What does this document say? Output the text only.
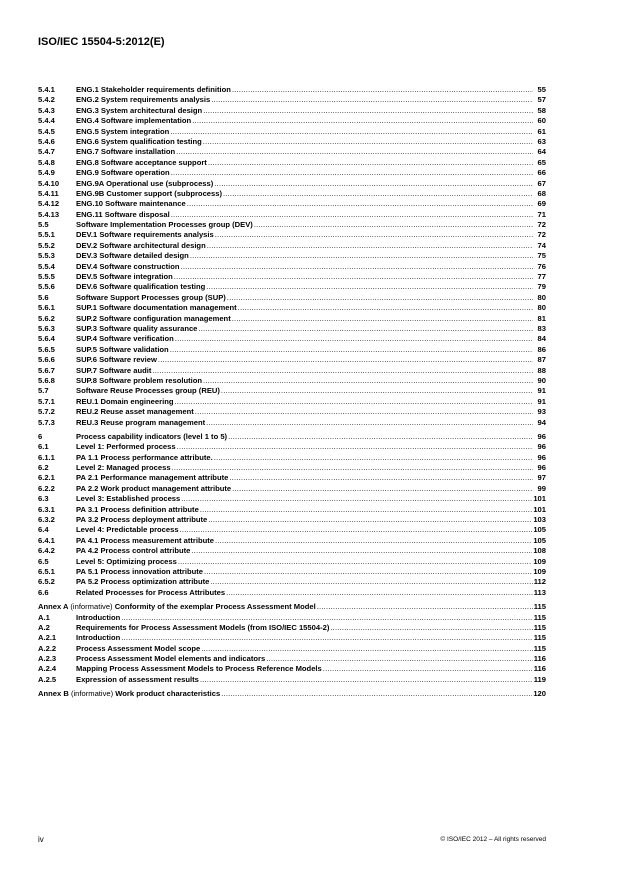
ISO/IEC 15504-5:2012(E)
5.4.1	ENG.1 Stakeholder requirements definition .....	55
5.4.2	ENG.2 System requirements analysis .....	57
5.4.3	ENG.3 System architectural design .....	58
5.4.4	ENG.4 Software implementation .....	60
5.4.5	ENG.5 System integration .....	61
5.4.6	ENG.6 System qualification testing .....	63
5.4.7	ENG.7 Software installation .....	64
5.4.8	ENG.8 Software acceptance support .....	65
5.4.9	ENG.9 Software operation .....	66
5.4.10	ENG.9A Operational use (subprocess) .....	67
5.4.11	ENG.9B Customer support (subprocess) .....	68
5.4.12	ENG.10 Software maintenance .....	69
5.4.13	ENG.11 Software disposal .....	71
5.5	Software Implementation Processes group (DEV) .....	72
5.5.1	DEV.1 Software requirements analysis .....	72
5.5.2	DEV.2 Software architectural design .....	74
5.5.3	DEV.3 Software detailed design .....	75
5.5.4	DEV.4 Software construction .....	76
5.5.5	DEV.5 Software integration .....	77
5.5.6	DEV.6 Software qualification testing .....	79
5.6	Software Support Processes group (SUP) .....	80
5.6.1	SUP.1 Software documentation management .....	80
5.6.2	SUP.2 Software configuration management .....	81
5.6.3	SUP.3 Software quality assurance .....	83
5.6.4	SUP.4 Software verification .....	84
5.6.5	SUP.5 Software validation .....	86
5.6.6	SUP.6 Software review .....	87
5.6.7	SUP.7 Software audit .....	88
5.6.8	SUP.8 Software problem resolution .....	90
5.7	Software Reuse Processes group (REU) .....	91
5.7.1	REU.1 Domain engineering .....	91
5.7.2	REU.2 Reuse asset management .....	93
5.7.3	REU.3 Reuse program management .....	94
6	Process capability indicators (level 1 to 5) .....	96
6.1	Level 1: Performed process .....	96
6.1.1	PA 1.1 Process performance attribute. .....	96
6.2	Level 2: Managed process .....	96
6.2.1	PA 2.1 Performance management attribute .....	97
6.2.2	PA 2.2 Work product management attribute .....	99
6.3	Level 3: Established process .....	101
6.3.1	PA 3.1 Process definition attribute .....	101
6.3.2	PA 3.2 Process deployment attribute .....	103
6.4	Level 4: Predictable process .....	105
6.4.1	PA 4.1 Process measurement attribute .....	105
6.4.2	PA 4.2 Process control attribute .....	108
6.5	Level 5: Optimizing process .....	109
6.5.1	PA 5.1 Process innovation attribute .....	109
6.5.2	PA 5.2 Process optimization attribute .....	112
6.6	Related Processes for Process Attributes .....	113
Annex A (informative) Conformity of the exemplar Process Assessment Model .....	115
A.1	Introduction .....	115
A.2	Requirements for Process Assessment Models (from ISO/IEC 15504-2) .....	115
A.2.1	Introduction .....	115
A.2.2	Process Assessment Model scope .....	115
A.2.3	Process Assessment Model elements and indicators .....	116
A.2.4	Mapping Process Assessment Models to Process Reference Models .....	116
A.2.5	Expression of assessment results .....	119
Annex B (informative) Work product characteristics .....	120
iv	© ISO/IEC 2012 – All rights reserved
